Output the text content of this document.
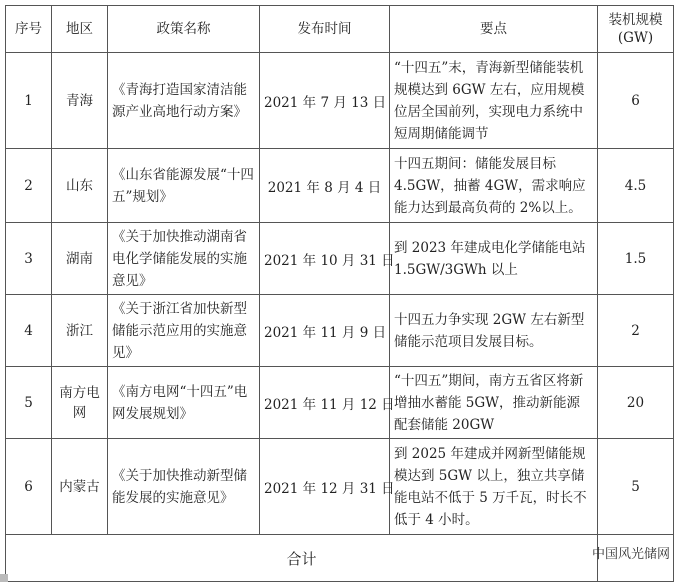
序号	地区	政策名称	发布时间	要点	装机规模
(GW)

1	青海	《青海打造国家清洁能源产业高地行动方案》	2021 年 7 月 13 日	“十四五”末，青海新型储能装机规模达到 6GW 左右，应用规模位居全国前列，实现电力系统中短周期储能调节	6
2	山东	《山东省能源发展“十四五”规划》	2021 年 8 月 4 日	十四五期间：储能发展目标 4.5GW，抽蓄 4GW，需求响应能力达到最高负荷的 2%以上。	4.5
3	湖南	《关于加快推动湖南省电化学储能发展的实施意见》	2021 年 10 月 31 日	到 2023 年建成电化学储能电站 1.5GW/3GWh 以上	1.5
4	浙江	《关于浙江省加快新型储能示范应用的实施意见》	2021 年 11 月 9 日	十四五力争实现 2GW 左右新型储能示范项目发展目标。	2
5	南方电网	《南方电网“十四五”电网发展规划》	2021 年 11 月 12 日	“十四五”期间，南方五省区将新增抽水蓄能 5GW，推动新能源配套储能 20GW	20
6	内蒙古	《关于加快推动新型储能发展的实施意见》	2021 年 12 月 31 日	到 2025 年建成并网新型储能规模达到 5GW 以上，独立共享储能电站不低于 5 万千瓦，时长不低于 4 小时。	5
合计						中国风光储网
